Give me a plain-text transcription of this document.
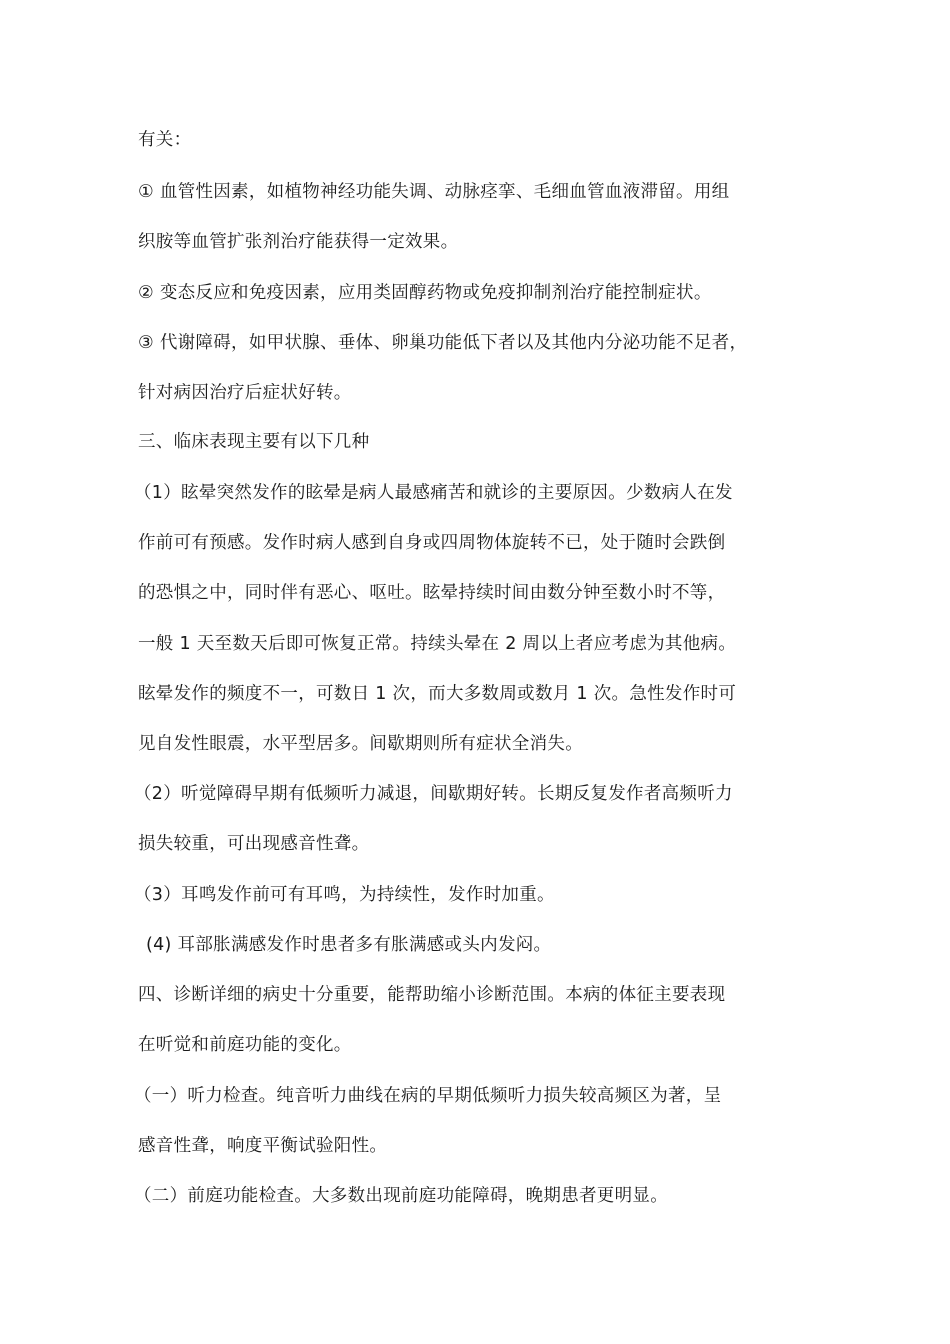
有关：
① 血管性因素，如植物神经功能失调、动脉痉挛、毛细血管血液滞留。用组
织胺等血管扩张剂治疗能获得一定效果。
② 变态反应和免疫因素，应用类固醇药物或免疫抑制剂治疗能控制症状。
③ 代谢障碍，如甲状腺、垂体、卵巢功能低下者以及其他内分泌功能不足者，
针对病因治疗后症状好转。
三、临床表现主要有以下几种
（1）眩晕突然发作的眩晕是病人最感痛苦和就诊的主要原因。少数病人在发
作前可有预感。发作时病人感到自身或四周物体旋转不已，处于随时会跌倒
的恐惧之中，同时伴有恶心、呕吐。眩晕持续时间由数分钟至数小时不等，
一般 1 天至数天后即可恢复正常。持续头晕在 2 周以上者应考虑为其他病。
眩晕发作的频度不一，可数日 1 次，而大多数周或数月 1 次。急性发作时可
见自发性眼震，水平型居多。间歇期则所有症状全消失。
（2）听觉障碍早期有低频听力减退，间歇期好转。长期反复发作者高频听力
损失较重，可出现感音性聋。
（3）耳鸣发作前可有耳鸣，为持续性，发作时加重。
(4) 耳部胀满感发作时患者多有胀满感或头内发闷。
四、诊断详细的病史十分重要，能帮助缩小诊断范围。本病的体征主要表现
在听觉和前庭功能的变化。
（一）听力检查。纯音听力曲线在病的早期低频听力损失较高频区为著，呈
感音性聋，响度平衡试验阳性。
（二）前庭功能检查。大多数出现前庭功能障碍，晚期患者更明显。
